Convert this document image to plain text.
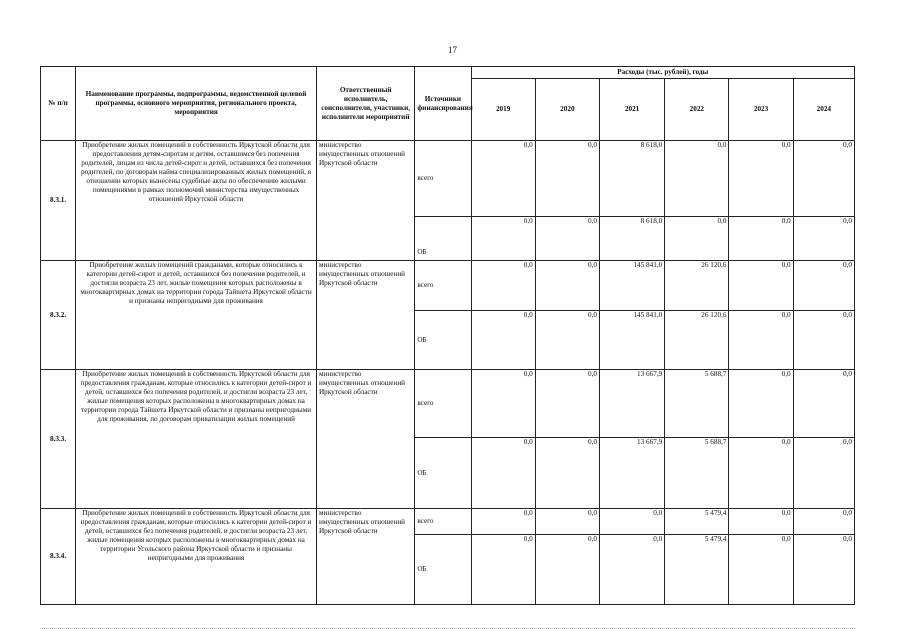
17
№ п/п	Наименование программы, подпрограммы, ведомственной целевой программы, основного мероприятия, регионального проекта, мероприятия	Ответственный исполнитель, соисполнители, участники, исполнители мероприятий	Источники финансирования	Расходы (тыс. рублей), годы					
				2019	2020	2021	2022	2023	2024
8.3.1.	Приобретение жилых помещений в собственность Иркутской области для предоставления детям-сиротам и детям, оставшимся без попечения родителей, лицам из числа детей-сирот и детей, оставшихся без попечения родителей, по договорам найма специализированных жилых помещений, в отношении которых вынесены судебные акты по обеспечению жилыми помещениями в рамках полномочий министерства имущественных отношений Иркутской области	министерство имущественных отношений Иркутской области	всего	0,0	0,0	8 618,0	0,0	0,0	0,0
			ОБ	0,0	0,0	8 618,0	0,0	0,0	0,0
8.3.2.	Приобретение жилых помещений гражданами, которые относились к категории детей-сирот и детей, оставшихся без попечения родителей, и достигли возраста 23 лет, жилые помещения которых расположены в многоквартирных домах на территории города Тайшета Иркутской области и признаны непригодными для проживания	министерство имущественных отношений Иркутской области	всего	0,0	0,0	145 841,0	26 120,6	0,0	0,0
			ОБ	0,0	0,0	145 841,0	26 120,6	0,0	0,0
8.3.3.	Приобретение жилых помещений в собственность Иркутской области для предоставления гражданам, которые относились к категории детей-сирот и детей, оставшихся без попечения родителей, и достигли возраста 23 лет, жилые помещения которых расположены в многоквартирных домах на территории города Тайшета Иркутской области и признаны непригодными для проживания, по договорам приватизации жилых помещений	министерство имущественных отношений Иркутской области	всего	0,0	0,0	13 667,9	5 688,7	0,0	0,0
			ОБ	0,0	0,0	13 667,9	5 688,7	0,0	0,0
8.3.4.	Приобретение жилых помещений в собственность Иркутской области для предоставления гражданам, которые относились к категории детей-сирот и детей, оставшихся без попечения родителей, и достигли возраста 23 лет, жилые помещения которых расположены в многоквартирных домах на территории Усольского района Иркутской области и признаны непригодными для проживания	министерство имущественных отношений Иркутской области	всего	0,0	0,0	0,0	5 479,4	0,0	0,0
			ОБ	0,0	0,0	0,0	5 479,4	0,0	0,0
